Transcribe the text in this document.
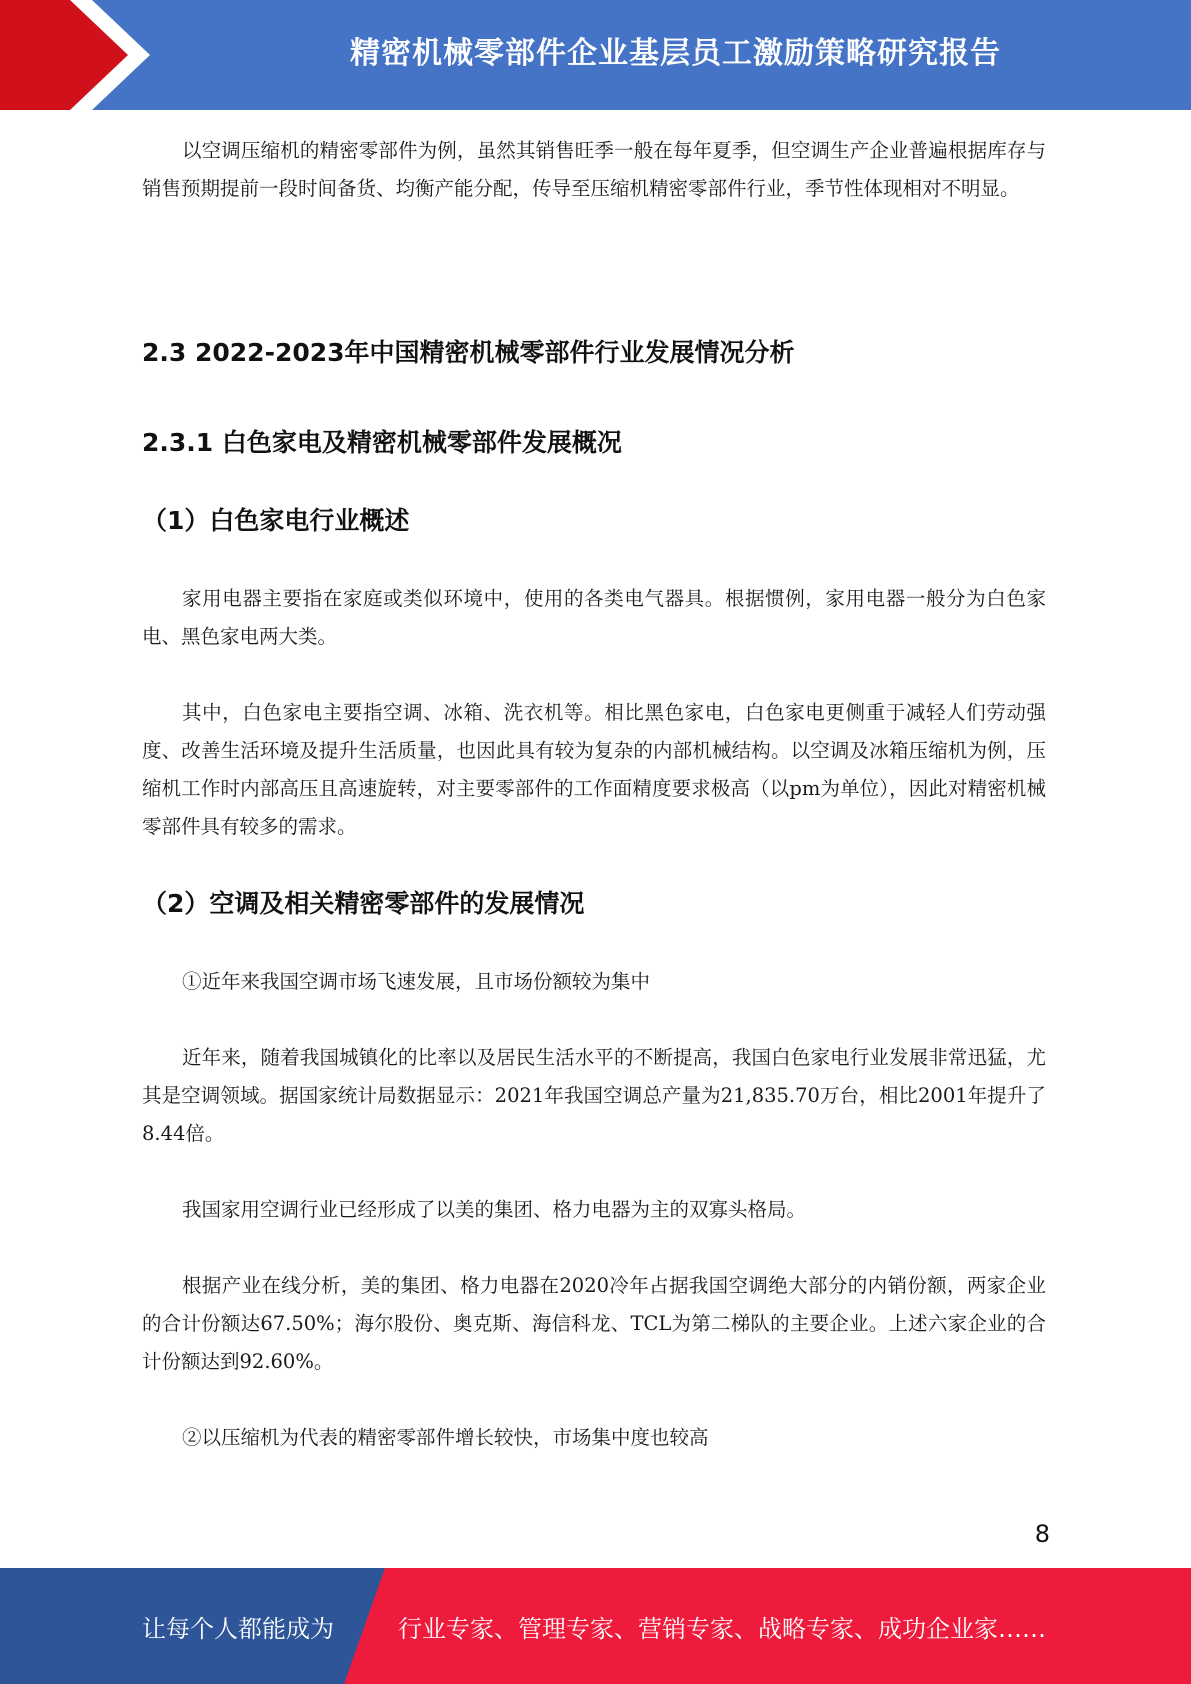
精密机械零部件企业基层员工激励策略研究报告

以空调压缩机的精密零部件为例，虽然其销售旺季一般在每年夏季，但空调生产企业普遍根据库存与销售预期提前一段时间备货、均衡产能分配，传导至压缩机精密零部件行业，季节性体现相对不明显。

2.3 2022-2023年中国精密机械零部件行业发展情况分析
2.3.1 白色家电及精密机械零部件发展概况
（1）白色家电行业概述

家用电器主要指在家庭或类似环境中，使用的各类电气器具。根据惯例，家用电器一般分为白色家电、黑色家电两大类。

其中，白色家电主要指空调、冰箱、洗衣机等。相比黑色家电，白色家电更侧重于减轻人们劳动强度、改善生活环境及提升生活质量，也因此具有较为复杂的内部机械结构。以空调及冰箱压缩机为例，压缩机工作时内部高压且高速旋转，对主要零部件的工作面精度要求极高（以pm为单位），因此对精密机械零部件具有较多的需求。

（2）空调及相关精密零部件的发展情况

①近年来我国空调市场飞速发展，且市场份额较为集中

近年来，随着我国城镇化的比率以及居民生活水平的不断提高，我国白色家电行业发展非常迅猛，尤其是空调领域。据国家统计局数据显示：2021年我国空调总产量为21,835.70万台，相比2001年提升了8.44倍。

我国家用空调行业已经形成了以美的集团、格力电器为主的双寡头格局。

根据产业在线分析，美的集团、格力电器在2020冷年占据我国空调绝大部分的内销份额，两家企业的合计份额达67.50%；海尔股份、奥克斯、海信科龙、TCL为第二梯队的主要企业。上述六家企业的合计份额达到92.60%。

②以压缩机为代表的精密零部件增长较快，市场集中度也较高

8
让每个人都能成为	行业专家、管理专家、营销专家、战略专家、成功企业家……
